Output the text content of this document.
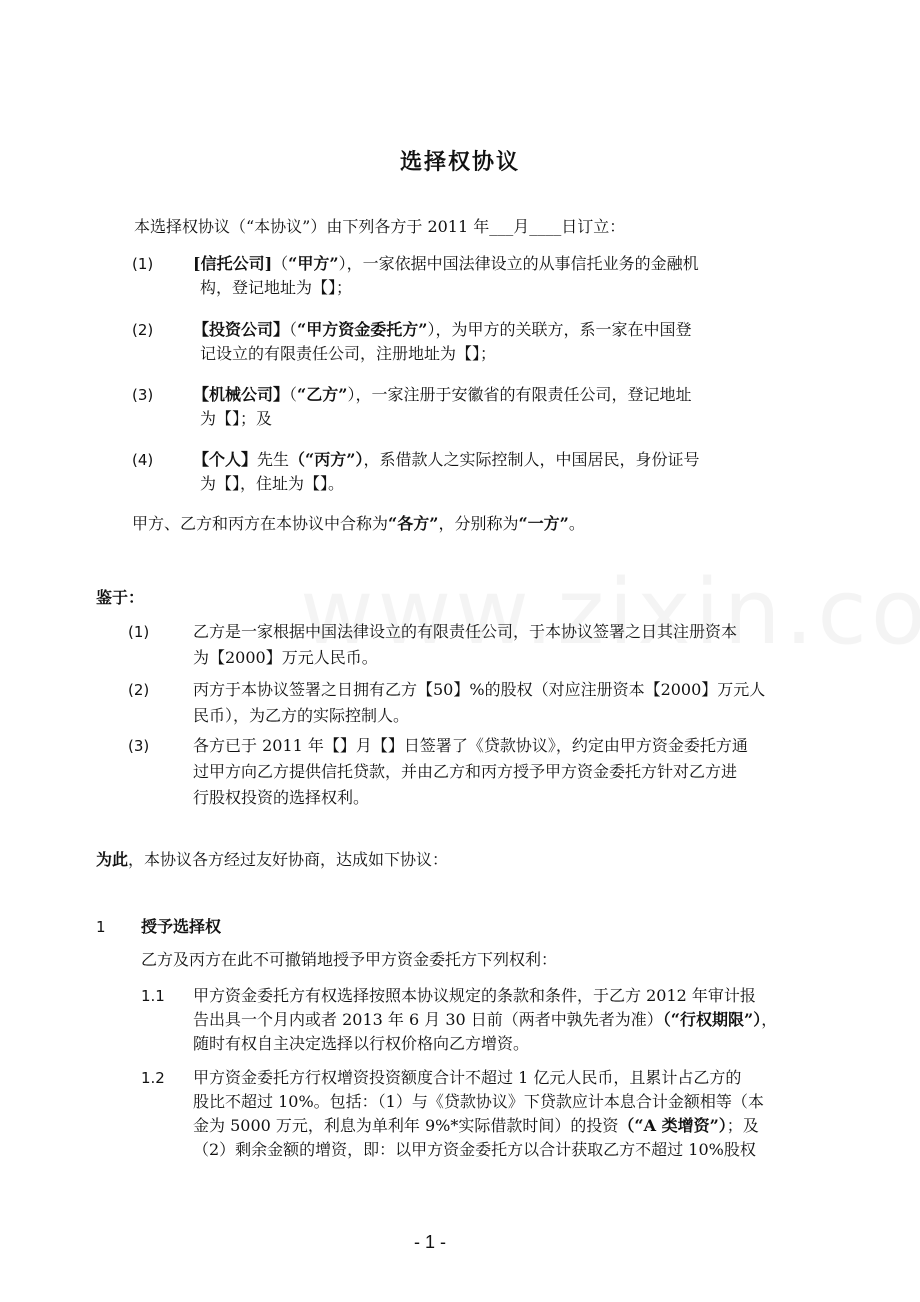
选择权协议
本选择权协议（“本协议”）由下列各方于 2011 年___月____日订立：
(1) [信托公司]（“甲方”），一家依据中国法律设立的从事信托业务的金融机
构，登记地址为【】；
(2) 【投资公司】（“甲方资金委托方”），为甲方的关联方，系一家在中国登
记设立的有限责任公司，注册地址为【】；
(3) 【机械公司】（“乙方”），一家注册于安徽省的有限责任公司，登记地址
为【】；及
(4) 【个人】先生（“丙方”），系借款人之实际控制人，中国居民，身份证号
为【】，住址为【】。
甲方、乙方和丙方在本协议中合称为“各方”，分别称为“一方”。
鉴于：
(1)	乙方是一家根据中国法律设立的有限责任公司，于本协议签署之日其注册资本
为【2000】万元人民币。
(2)	丙方于本协议签署之日拥有乙方【50】%的股权（对应注册资本【2000】万元人
民币），为乙方的实际控制人。
(3)	各方已于 2011 年【】月【】日签署了《贷款协议》，约定由甲方资金委托方通
过甲方向乙方提供信托贷款，并由乙方和丙方授予甲方资金委托方针对乙方进
行股权投资的选择权利。
为此，本协议各方经过友好协商，达成如下协议：
1 授予选择权
乙方及丙方在此不可撤销地授予甲方资金委托方下列权利：
1.1 甲方资金委托方有权选择按照本协议规定的条款和条件，于乙方 2012 年审计报
告出具一个月内或者 2013 年 6 月 30 日前（两者中孰先者为准）（“行权期限”），
随时有权自主决定选择以行权价格向乙方增资。
1.2 甲方资金委托方行权增资投资额度合计不超过 1 亿元人民币，且累计占乙方的
股比不超过 10%。包括：（1）与《贷款协议》下贷款应计本息合计金额相等（本
金为 5000 万元，利息为单利年 9%*实际借款时间）的投资（“A 类增资”）；及
（2）剩余金额的增资，即：以甲方资金委托方以合计获取乙方不超过 10%股权
- 1 -
